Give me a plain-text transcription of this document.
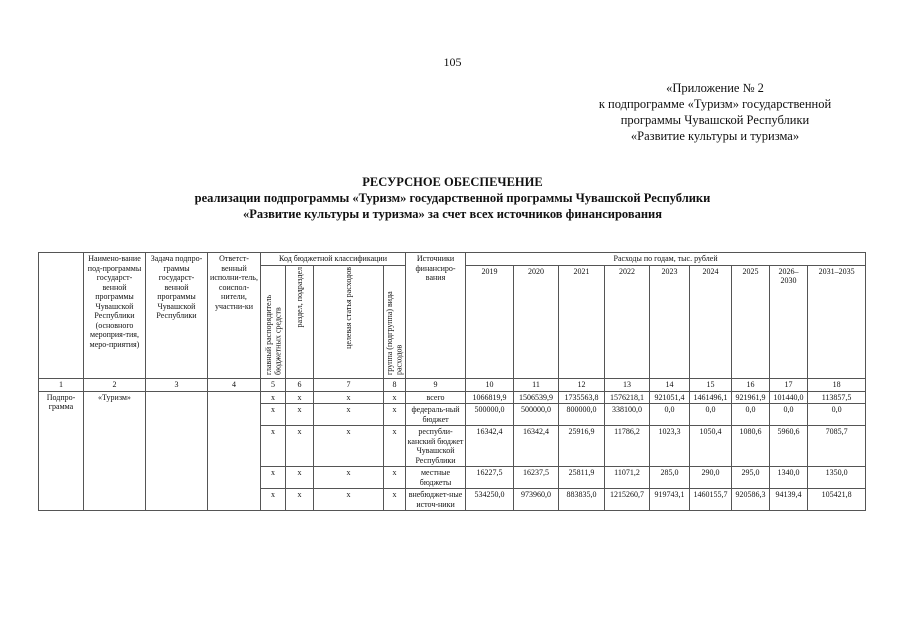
105
«Приложение № 2
к подпрограмме «Туризм» государственной
программы Чувашской Республики
«Развитие культуры и туризма»
РЕСУРСНОЕ ОБЕСПЕЧЕНИЕ
реализации подпрограммы «Туризм» государственной программы Чувашской Республики
«Развитие культуры и туризма» за счет всех источников финансирования
	Наимено-вание под-программы государст-венной программы Чувашской Республики (основного мероприя-тия, меро-приятия)	Задача подпро-граммы государст-венной программы Чувашской Республики	Ответст-венный исполни-тель, соиспол-нители, участни-ки	Код бюджетной классификации				Источники финансиро-вания	Расходы по годам, тыс. рублей								
				главный распорядитель бюджетных средств	раздел, подраздел	целевая статья расходов	группа (подгруппа) вида расходов		2019	2020	2021	2022	2023	2024	2025	2026–2030	2031–2035
1	2	3	4	5	6	7	8	9	10	11	12	13	14	15	16	17	18
Подпро-грамма	«Туризм»			х	х	х	х	всего	1066819,9	1506539,9	1735563,8	1576218,1	921051,4	1461496,1	921961,9	101440,0	113857,5
				х	х	х	х	федераль-ный бюджет	500000,0	500000,0	800000,0	338100,0	0,0	0,0	0,0	0,0	0,0
				х	х	х	х	республи-канский бюджет Чувашской Республики	16342,4	16342,4	25916,9	11786,2	1023,3	1050,4	1080,6	5960,6	7085,7
				х	х	х	х	местные бюджеты	16227,5	16237,5	25811,9	11071,2	285,0	290,0	295,0	1340,0	1350,0
				х	х	х	х	внебюджет-ные источ-ники	534250,0	973960,0	883835,0	1215260,7	919743,1	1460155,7	920586,3	94139,4	105421,8
